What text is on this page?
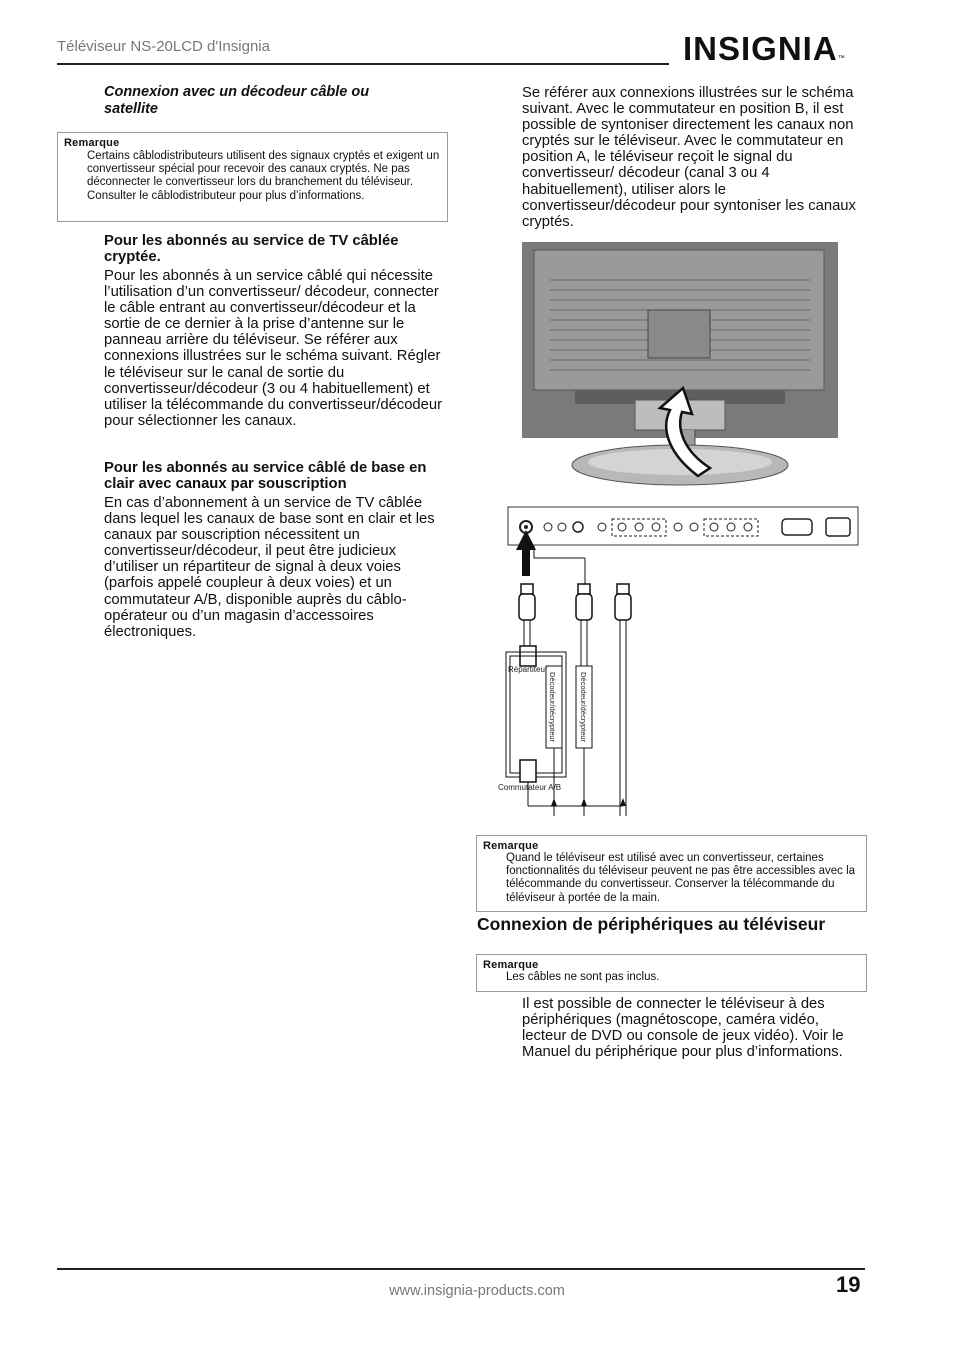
Téléviseur NS-20LCD d'Insignia	INSIGNIA™
Connexion avec un décodeur câble ou satellite
Remarque
Certains câblodistributeurs utilisent des signaux cryptés et exigent un convertisseur spécial pour recevoir des canaux cryptés. Ne pas déconnecter le convertisseur lors du branchement du téléviseur. Consulter le câblodistributeur pour plus d’informations.
Pour les abonnés au service de TV câblée cryptée.
Pour les abonnés à un service câblé qui nécessite l’utilisation d’un convertisseur/ décodeur, connecter le câble entrant au convertisseur/décodeur et la sortie de ce dernier à la prise d’antenne sur le panneau arrière du téléviseur. Se référer aux connexions illustrées sur le schéma suivant. Régler le téléviseur sur le canal de sortie du convertisseur/décodeur (3 ou 4 habituellement) et utiliser la télécommande du convertisseur/décodeur pour sélectionner les canaux.
Pour les abonnés au service câblé de base en clair avec canaux par souscription
En cas d’abonnement à un service de TV câblée dans lequel les canaux de base sont en clair et les canaux par souscription nécessitent un convertisseur/décodeur, il peut être judicieux d’utiliser un répartiteur de signal à deux voies (parfois appelé coupleur à deux voies) et un commutateur A/B, disponible auprès du câblo-opérateur ou d’un magasin d’accessoires électroniques.
Se référer aux connexions illustrées sur le schéma suivant. Avec le commutateur en position B, il est possible de syntoniser directement les canaux non cryptés sur le téléviseur. Avec le commutateur en position A, le téléviseur reçoit le signal du convertisseur/ décodeur (canal 3 ou 4 habituellement), utiliser alors le convertisseur/décodeur pour syntoniser les canaux cryptés.
Répartiteur
Décodeur/décrypteur	Décodeur/décrypteur
Commutateur A/B
Remarque
Quand le téléviseur est utilisé avec un convertisseur, certaines fonctionnalités du téléviseur peuvent ne pas être accessibles avec la télécommande du convertisseur. Conserver la télécommande du téléviseur à portée de la main.
Connexion de périphériques au téléviseur
Remarque
Les câbles ne sont pas inclus.
Il est possible de connecter le téléviseur à des périphériques (magnétoscope, caméra vidéo, lecteur de DVD ou console de jeux vidéo). Voir le Manuel du périphérique pour plus d’informations.
www.insignia-products.com	19
